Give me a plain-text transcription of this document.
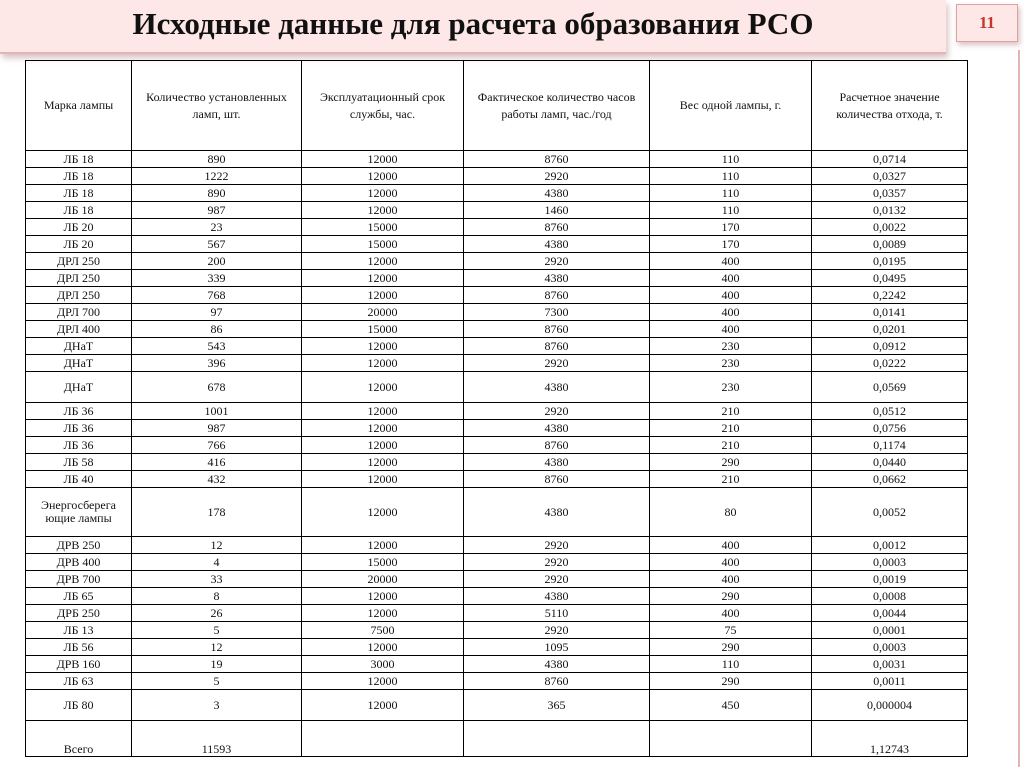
Исходные данные для расчета образования РСО	11
Марка лампы	Количество установленных ламп, шт.	Эксплуатационный срок службы, час.	Фактическое количество часов работы ламп, час./год	Вес одной лампы, г.	Расчетное значение количества отхода, т.
ЛБ 18	890	12000	8760	110	0,0714
ЛБ 18	1222	12000	2920	110	0,0327
ЛБ 18	890	12000	4380	110	0,0357
ЛБ 18	987	12000	1460	110	0,0132
ЛБ 20	23	15000	8760	170	0,0022
ЛБ 20	567	15000	4380	170	0,0089
ДРЛ 250	200	12000	2920	400	0,0195
ДРЛ 250	339	12000	4380	400	0,0495
ДРЛ 250	768	12000	8760	400	0,2242
ДРЛ 700	97	20000	7300	400	0,0141
ДРЛ 400	86	15000	8760	400	0,0201
ДНаТ	543	12000	8760	230	0,0912
ДНаТ	396	12000	2920	230	0,0222
ДНаТ	678	12000	4380	230	0,0569
ЛБ 36	1001	12000	2920	210	0,0512
ЛБ 36	987	12000	4380	210	0,0756
ЛБ 36	766	12000	8760	210	0,1174
ЛБ 58	416	12000	4380	290	0,0440
ЛБ 40	432	12000	8760	210	0,0662
Энергосберега ющие лампы	178	12000	4380	80	0,0052
ДРВ 250	12	12000	2920	400	0,0012
ДРВ 400	4	15000	2920	400	0,0003
ДРВ 700	33	20000	2920	400	0,0019
ЛБ 65	8	12000	4380	290	0,0008
ДРБ 250	26	12000	5110	400	0,0044
ЛБ 13	5	7500	2920	75	0,0001
ЛБ 56	12	12000	1095	290	0,0003
ДРВ 160	19	3000	4380	110	0,0031
ЛБ 63	5	12000	8760	290	0,0011
ЛБ 80	3	12000	365	450	0,000004
Всего	11593				1,12743
